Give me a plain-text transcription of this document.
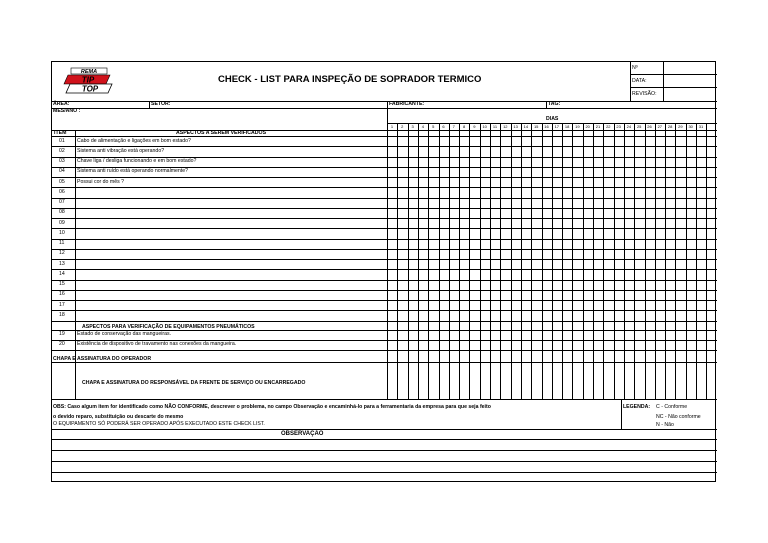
REMA
TIP
TOP
CHECK - LIST PARA INSPEÇÃO DE SOPRADOR TERMICO
Nº
DATA:
REVISÃO:
ÁREA:	SETOR:	FABRICANTE:	TAG:
MES/ANO :
DIAS
ITEM	ASPECTOS A SEREM VERIFICADOS
1	2	3	4	5	6	7	8	9	10	11	12	13	14	15	16	17	18	19	20	21	22	23	24	25	26	27	28	29	30	31
01 Cabo de alimentação e ligações em bom estado?
02 Sistema anti vibração está operando?
03 Chave liga / desliga funcionando e em bom estado?
04 Sistema anti ruído está operando normalmente?
05 Possui cor do mês ?
06
07
08
09
10
11
12
13
14
15
16
17
18
19 Estado de conservação das mangueiras.
20 Existência de dispositivo de travamento nas conexões da mangueira.
ASPECTOS PARA VERIFICAÇÃO DE EQUIPAMENTOS PNEUMÁTICOS
CHAPA E ASSINATURA DO OPERADOR
CHAPA E ASSINATURA DO RESPONSÁVEL DA FRENTE DE SERVIÇO OU ENCARREGADO
OBS: Caso algum item for identificado como NÃO CONFORME, descrever o problema, no campo Observação e encaminhá-lo para a ferramentaria da empresa para que seja feito
o devido reparo, substituição ou descarte do mesmo
O EQUIPAMENTO SÓ PODERÁ SER OPERADO APÓS EXECUTADO ESTE CHECK LIST.
LEGENDA: C - Conforme
NC - Não conforme
N - Não
OBSERVAÇÃO
